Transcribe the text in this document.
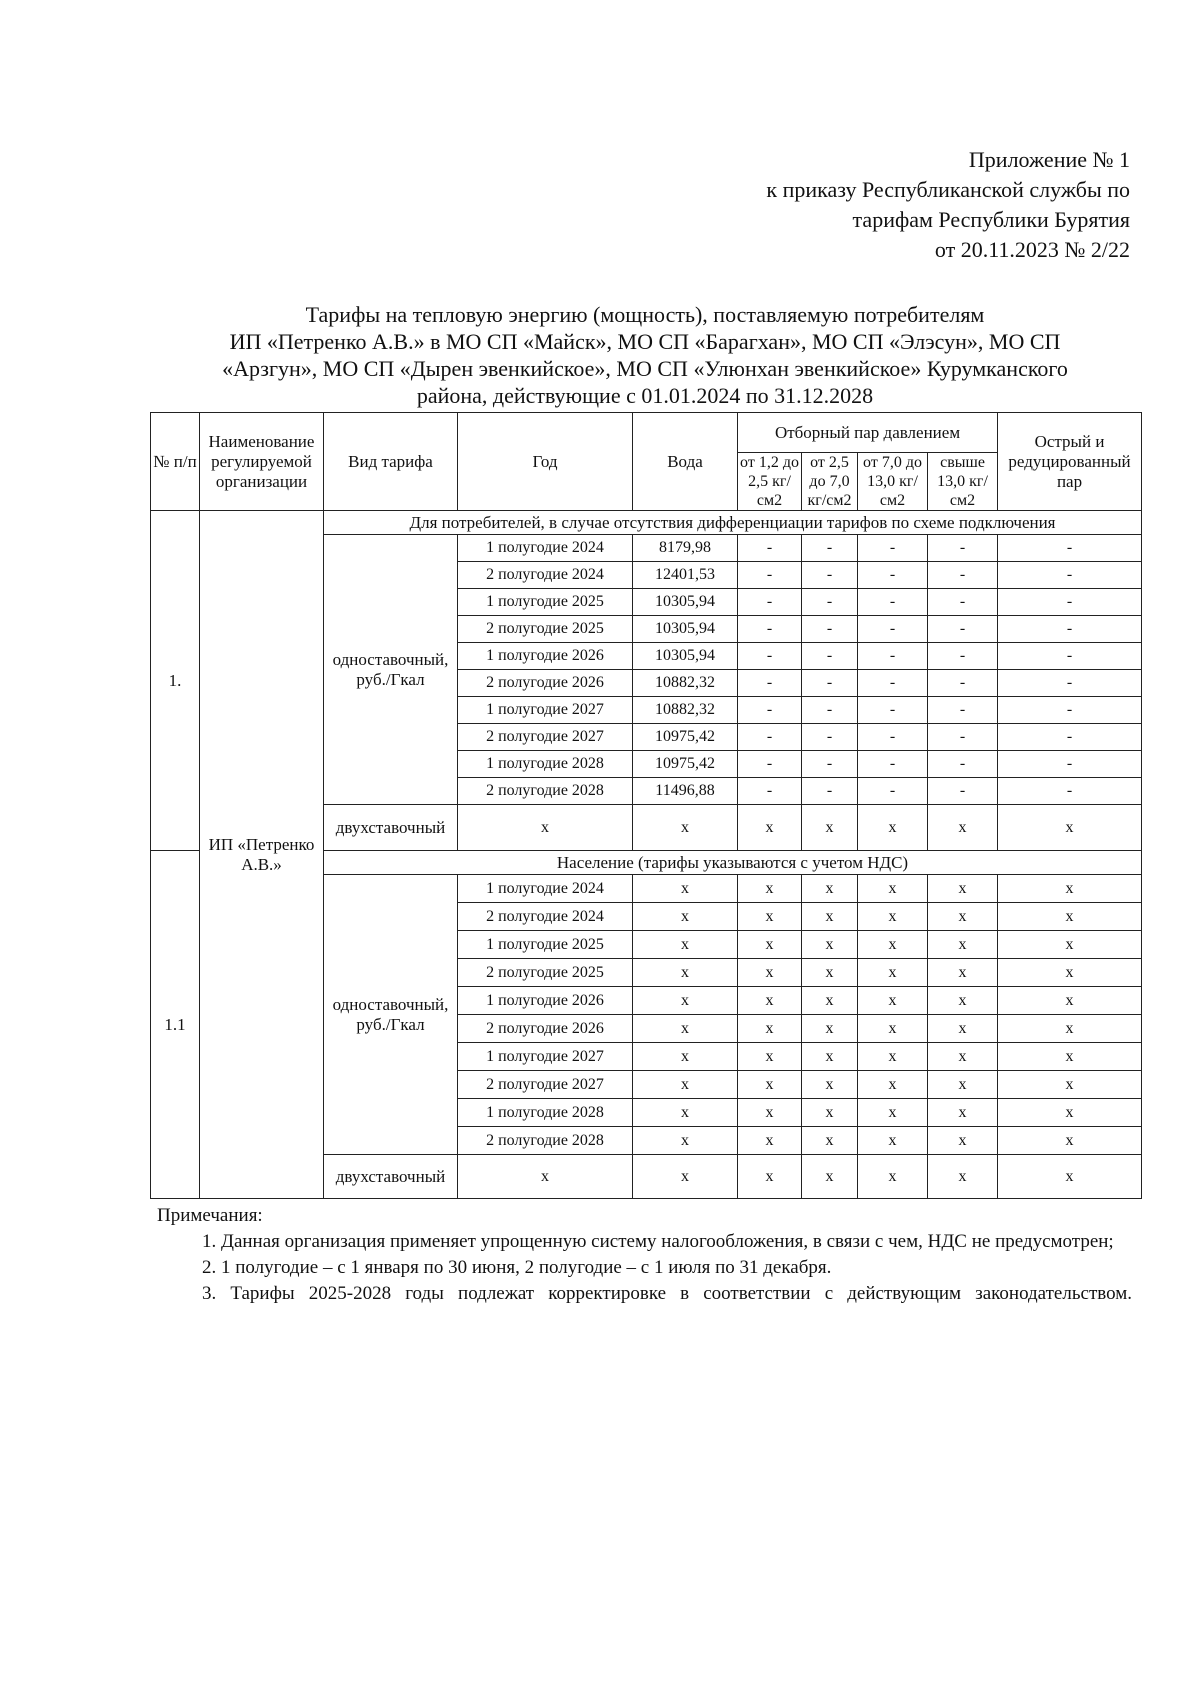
Приложение № 1
к приказу Республиканской службы по
тарифам Республики Бурятия
от 20.11.2023 № 2/22
Тарифы на тепловую энергию (мощность), поставляемую потребителям
ИП «Петренко А.В.» в МО СП «Майск», МО СП «Барагхан», МО СП «Элэсун», МО СП
«Арзгун», МО СП «Дырен эвенкийское», МО СП «Улюнхан эвенкийское» Курумканского
района, действующие с 01.01.2024 по 31.12.2028
№ п/п	Наименование регулируемой организации	Вид тарифа	Год	Вода	Отборный пар давлением				Острый и редуцированный пар
					от 1,2 до 2,5 кг/см2	от 2,5 до 7,0 кг/см2	от 7,0 до 13,0 кг/см2	свыше 13,0 кг/см2	
1.	ИП «Петренко А.В.»	Для потребителей, в случае отсутствия дифференциации тарифов по схеме подключения							
		одноставочный, руб./Гкал	1 полугодие 2024	8179,98	-	-	-	-	-
			2 полугодие 2024	12401,53	-	-	-	-	-
			1 полугодие 2025	10305,94	-	-	-	-	-
			2 полугодие 2025	10305,94	-	-	-	-	-
			1 полугодие 2026	10305,94	-	-	-	-	-
			2 полугодие 2026	10882,32	-	-	-	-	-
			1 полугодие 2027	10882,32	-	-	-	-	-
			2 полугодие 2027	10975,42	-	-	-	-	-
			1 полугодие 2028	10975,42	-	-	-	-	-
			2 полугодие 2028	11496,88	-	-	-	-	-
		двухставочный	x	x	x	x	x	x	x
1.1		Население (тарифы указываются с учетом НДС)							
		одноставочный, руб./Гкал	1 полугодие 2024	x	x	x	x	x	x
			2 полугодие 2024	x	x	x	x	x	x
			1 полугодие 2025	x	x	x	x	x	x
			2 полугодие 2025	x	x	x	x	x	x
			1 полугодие 2026	x	x	x	x	x	x
			2 полугодие 2026	x	x	x	x	x	x
			1 полугодие 2027	x	x	x	x	x	x
			2 полугодие 2027	x	x	x	x	x	x
			1 полугодие 2028	x	x	x	x	x	x
			2 полугодие 2028	x	x	x	x	x	x
		двухставочный	x	x	x	x	x	x	x
Примечания:
1. Данная организация применяет упрощенную систему налогообложения, в связи с чем, НДС не предусмотрен;
2. 1 полугодие – с 1 января по 30 июня, 2 полугодие – с 1 июля по 31 декабря.
3. Тарифы 2025-2028 годы подлежат корректировке в соответствии с действующим законодательством.
